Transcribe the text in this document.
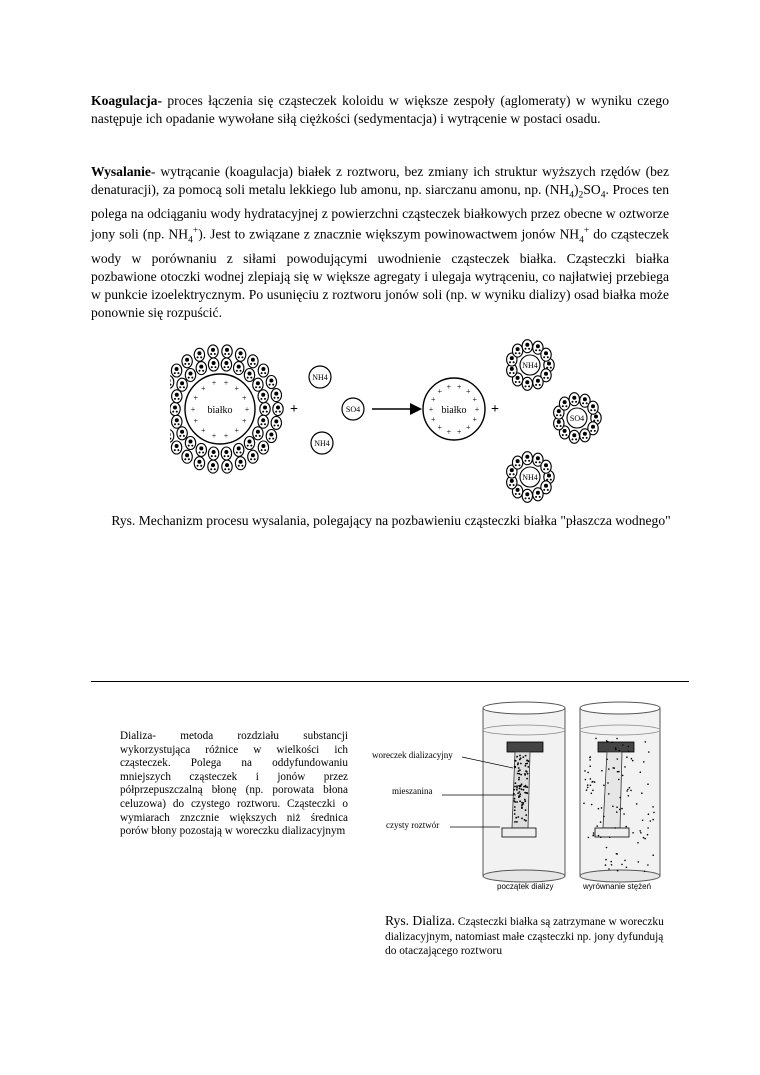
Koagulacja- proces łączenia się cząsteczek koloidu w większe zespoły (aglomeraty) w wyniku czego następuje ich opadanie wywołane siłą ciężkości (sedymentacja) i wytrącenie w postaci osadu.
Wysalanie- wytrącanie (koagulacja) białek z roztworu, bez zmiany ich struktur wyższych rzędów (bez denaturacji), za pomocą soli metalu lekkiego lub amonu, np. siarczanu amonu, np. $(NH_4)_2SO_4$. Proces ten polega na odciąganiu wody hydratacyjnej z powierzchni cząsteczek białkowych przez obecne w oztworze jony soli (np. $NH_4^+$). Jest to związane z znacznie większym powinowactwem jonów $NH_4^+$ do cząsteczek wody w porównaniu z siłami powodującymi uwodnienie cząsteczek białka. Cząsteczki białka pozbawione otoczki wodnej zlepiają się w większe agregaty i ulegaja wytrąceniu, co najłatwiej przebiega w punkcie izoelektrycznym. Po usunięciu z roztworu jonów soli (np. w wyniku dializy) osad białka może ponownie się rozpuścić.
+
+
+
+
+
+
+
+
+
+
+ +
+
+
białko	+	+
NH4
SO4
NH4
+
+
+
+
+
+
+
+
+
+ + + +
+
białko
NH4
SO4
NH4
Rys. Mechanizm procesu wysalania, polegający na pozbawieniu cząsteczki białka "płaszcza wodnego"
Dializa- metoda rozdziału substancji wykorzystująca różnice w wielkości ich cząsteczek. Polega na oddyfundowaniu mniejszych cząsteczek i jonów przez półprzepuszczalną błonę (np. porowata błona celuzowa) do czystego roztworu. Cząsteczki o wymiarach znzcznie większych niż średnica porów błony pozostają w woreczku dializacyjnym
woreczek dializacyjny
mieszanina
czysty roztwór
początek dializy	wyrównanie stężeń
Rys. Dializa. Cząsteczki białka są zatrzymane w woreczku dializacyjnym, natomiast małe cząsteczki np. jony dyfundują do otaczającego roztworu
